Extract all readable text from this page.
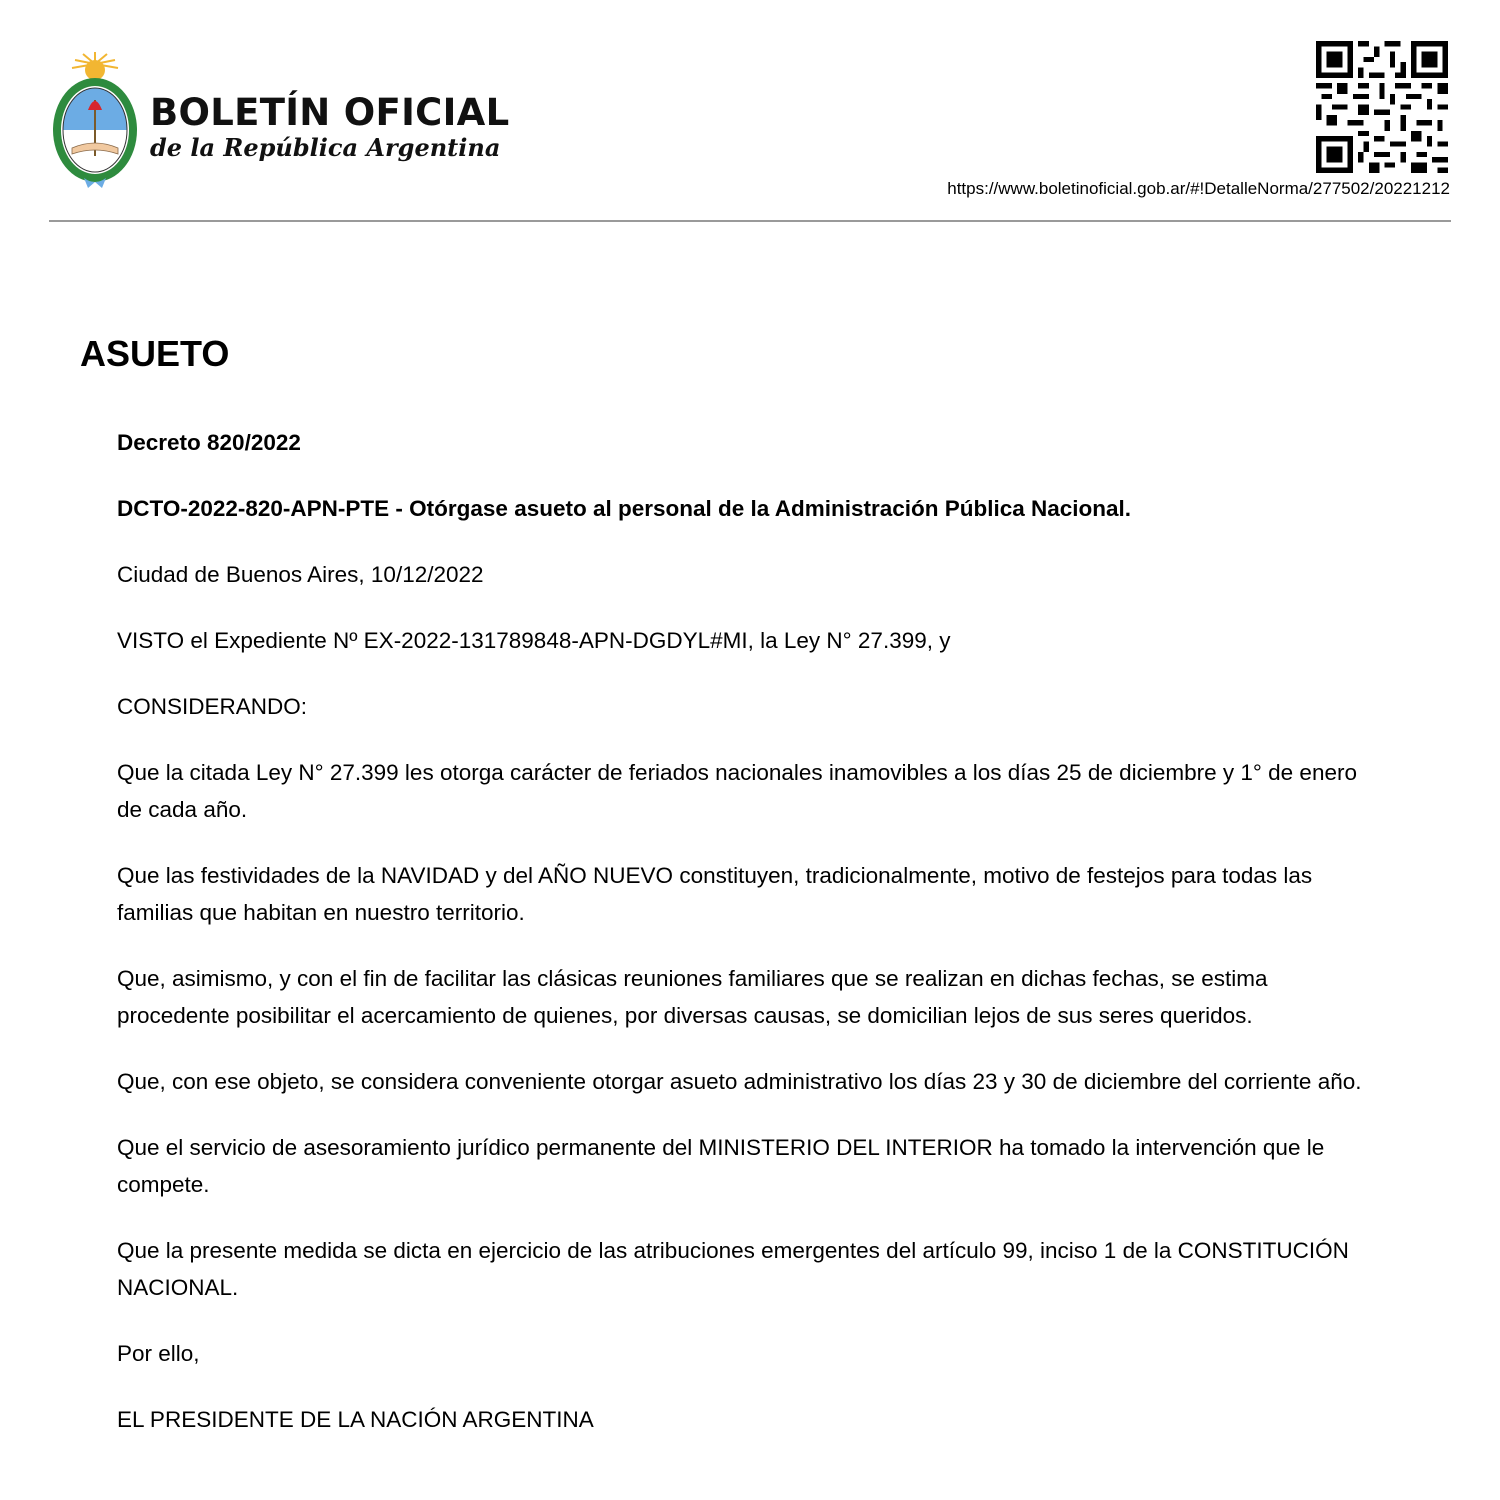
BOLETÍN OFICIAL
de la República Argentina
https://www.boletinoficial.gob.ar/#!DetalleNorma/277502/20221212
ASUETO

Decreto 820/2022

DCTO-2022-820-APN-PTE - Otórgase asueto al personal de la Administración Pública Nacional.

Ciudad de Buenos Aires, 10/12/2022

VISTO el Expediente Nº EX-2022-131789848-APN-DGDYL#MI, la Ley N° 27.399, y

CONSIDERANDO:

Que la citada Ley N° 27.399 les otorga carácter de feriados nacionales inamovibles a los días 25 de diciembre y 1° de enero de cada año.

Que las festividades de la NAVIDAD y del AÑO NUEVO constituyen, tradicionalmente, motivo de festejos para todas las familias que habitan en nuestro territorio.

Que, asimismo, y con el fin de facilitar las clásicas reuniones familiares que se realizan en dichas fechas, se estima procedente posibilitar el acercamiento de quienes, por diversas causas, se domicilian lejos de sus seres queridos.

Que, con ese objeto, se considera conveniente otorgar asueto administrativo los días 23 y 30 de diciembre del corriente año.

Que el servicio de asesoramiento jurídico permanente del MINISTERIO DEL INTERIOR ha tomado la intervención que le compete.

Que la presente medida se dicta en ejercicio de las atribuciones emergentes del artículo 99, inciso 1 de la CONSTITUCIÓN NACIONAL.

Por ello,

EL PRESIDENTE DE LA NACIÓN ARGENTINA
